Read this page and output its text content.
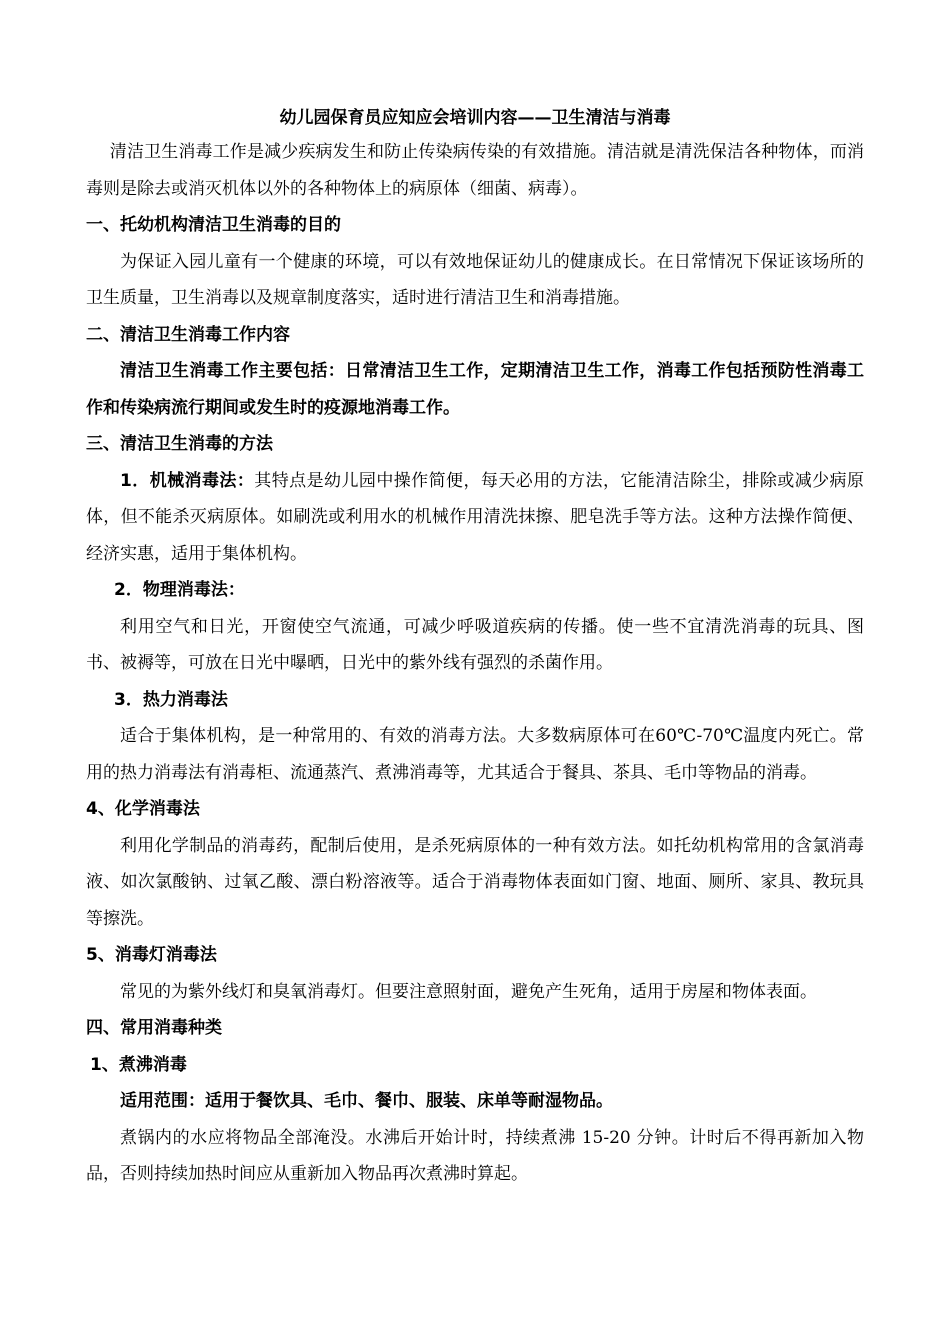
幼儿园保育员应知应会培训内容——卫生清洁与消毒

清洁卫生消毒工作是减少疾病发生和防止传染病传染的有效措施。清洁就是清洗保洁各种物体，而消毒则是除去或消灭机体以外的各种物体上的病原体（细菌、病毒）。

一、托幼机构清洁卫生消毒的目的

为保证入园儿童有一个健康的环境，可以有效地保证幼儿的健康成长。在日常情况下保证该场所的卫生质量，卫生消毒以及规章制度落实，适时进行清洁卫生和消毒措施。

二、清洁卫生消毒工作内容

清洁卫生消毒工作主要包括：日常清洁卫生工作，定期清洁卫生工作，消毒工作包括预防性消毒工作和传染病流行期间或发生时的疫源地消毒工作。

三、清洁卫生消毒的方法

1．机械消毒法：其特点是幼儿园中操作简便，每天必用的方法，它能清洁除尘，排除或减少病原体，但不能杀灭病原体。如刷洗或利用水的机械作用清洗抹擦、肥皂洗手等方法。这种方法操作简便、经济实惠，适用于集体机构。

2．物理消毒法：

利用空气和日光，开窗使空气流通，可减少呼吸道疾病的传播。使一些不宜清洗消毒的玩具、图书、被褥等，可放在日光中曝晒，日光中的紫外线有强烈的杀菌作用。

3．热力消毒法

适合于集体机构，是一种常用的、有效的消毒方法。大多数病原体可在60℃-70℃温度内死亡。常用的热力消毒法有消毒柜、流通蒸汽、煮沸消毒等，尤其适合于餐具、茶具、毛巾等物品的消毒。

4、化学消毒法

利用化学制品的消毒药，配制后使用，是杀死病原体的一种有效方法。如托幼机构常用的含氯消毒液、如次氯酸钠、过氧乙酸、漂白粉溶液等。适合于消毒物体表面如门窗、地面、厕所、家具、教玩具等擦洗。

5、消毒灯消毒法

常见的为紫外线灯和臭氧消毒灯。但要注意照射面，避免产生死角，适用于房屋和物体表面。

四、常用消毒种类

1、煮沸消毒

适用范围：适用于餐饮具、毛巾、餐巾、服装、床单等耐湿物品。

煮锅内的水应将物品全部淹没。水沸后开始计时，持续煮沸 15-20 分钟。计时后不得再新加入物品，否则持续加热时间应从重新加入物品再次煮沸时算起。
